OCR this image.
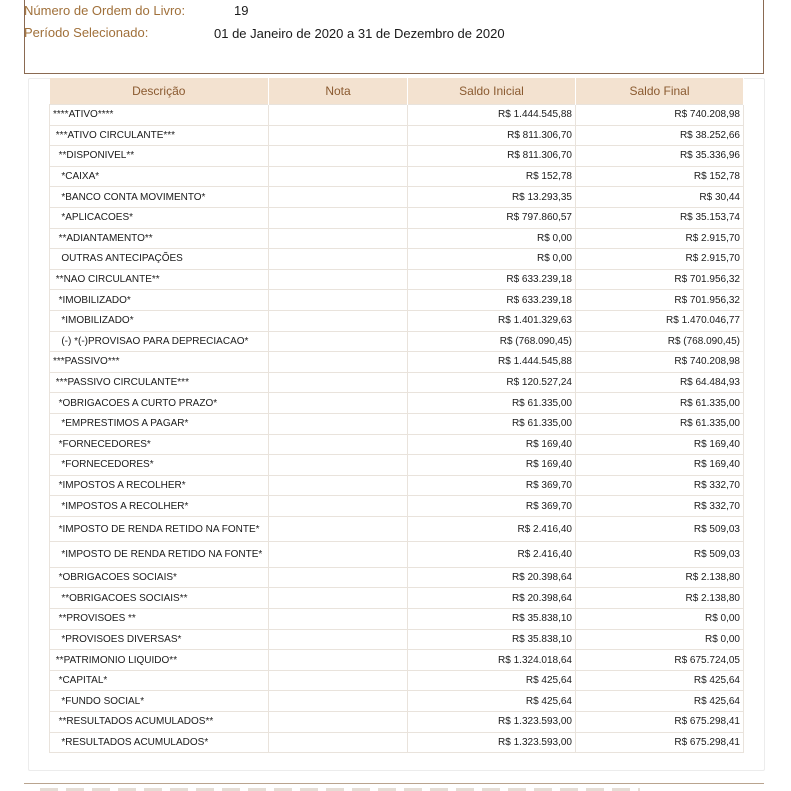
Número de Ordem do Livro:	19
Período Selecionado:	01 de Janeiro de 2020 a 31 de Dezembro de 2020
Descrição	Nota	Saldo Inicial	Saldo Final
****ATIVO****		R$ 1.444.545,88	R$ 740.208,98
***ATIVO CIRCULANTE***		R$ 811.306,70	R$ 38.252,66
**DISPONIVEL**		R$ 811.306,70	R$ 35.336,96
*CAIXA*		R$ 152,78	R$ 152,78
*BANCO CONTA MOVIMENTO*		R$ 13.293,35	R$ 30,44
*APLICACOES*		R$ 797.860,57	R$ 35.153,74
**ADIANTAMENTO**		R$ 0,00	R$ 2.915,70
OUTRAS ANTECIPAÇÕES		R$ 0,00	R$ 2.915,70
**NAO CIRCULANTE**		R$ 633.239,18	R$ 701.956,32
*IMOBILIZADO*		R$ 633.239,18	R$ 701.956,32
*IMOBILIZADO*		R$ 1.401.329,63	R$ 1.470.046,77
(-) *(-)PROVISAO PARA DEPRECIACAO*		R$ (768.090,45)	R$ (768.090,45)
***PASSIVO***		R$ 1.444.545,88	R$ 740.208,98
***PASSIVO CIRCULANTE***		R$ 120.527,24	R$ 64.484,93
*OBRIGACOES A CURTO PRAZO*		R$ 61.335,00	R$ 61.335,00
*EMPRESTIMOS A PAGAR*		R$ 61.335,00	R$ 61.335,00
*FORNECEDORES*		R$ 169,40	R$ 169,40
*FORNECEDORES*		R$ 169,40	R$ 169,40
*IMPOSTOS A RECOLHER*		R$ 369,70	R$ 332,70
*IMPOSTOS A RECOLHER*		R$ 369,70	R$ 332,70
*IMPOSTO DE RENDA RETIDO NA FONTE*		R$ 2.416,40	R$ 509,03
*IMPOSTO DE RENDA RETIDO NA FONTE*		R$ 2.416,40	R$ 509,03
*OBRIGACOES SOCIAIS*		R$ 20.398,64	R$ 2.138,80
**OBRIGACOES SOCIAIS**		R$ 20.398,64	R$ 2.138,80
**PROVISOES **		R$ 35.838,10	R$ 0,00
*PROVISOES DIVERSAS*		R$ 35.838,10	R$ 0,00
**PATRIMONIO LIQUIDO**		R$ 1.324.018,64	R$ 675.724,05
*CAPITAL*		R$ 425,64	R$ 425,64
*FUNDO SOCIAL*		R$ 425,64	R$ 425,64
**RESULTADOS ACUMULADOS**		R$ 1.323.593,00	R$ 675.298,41
*RESULTADOS ACUMULADOS*		R$ 1.323.593,00	R$ 675.298,41
